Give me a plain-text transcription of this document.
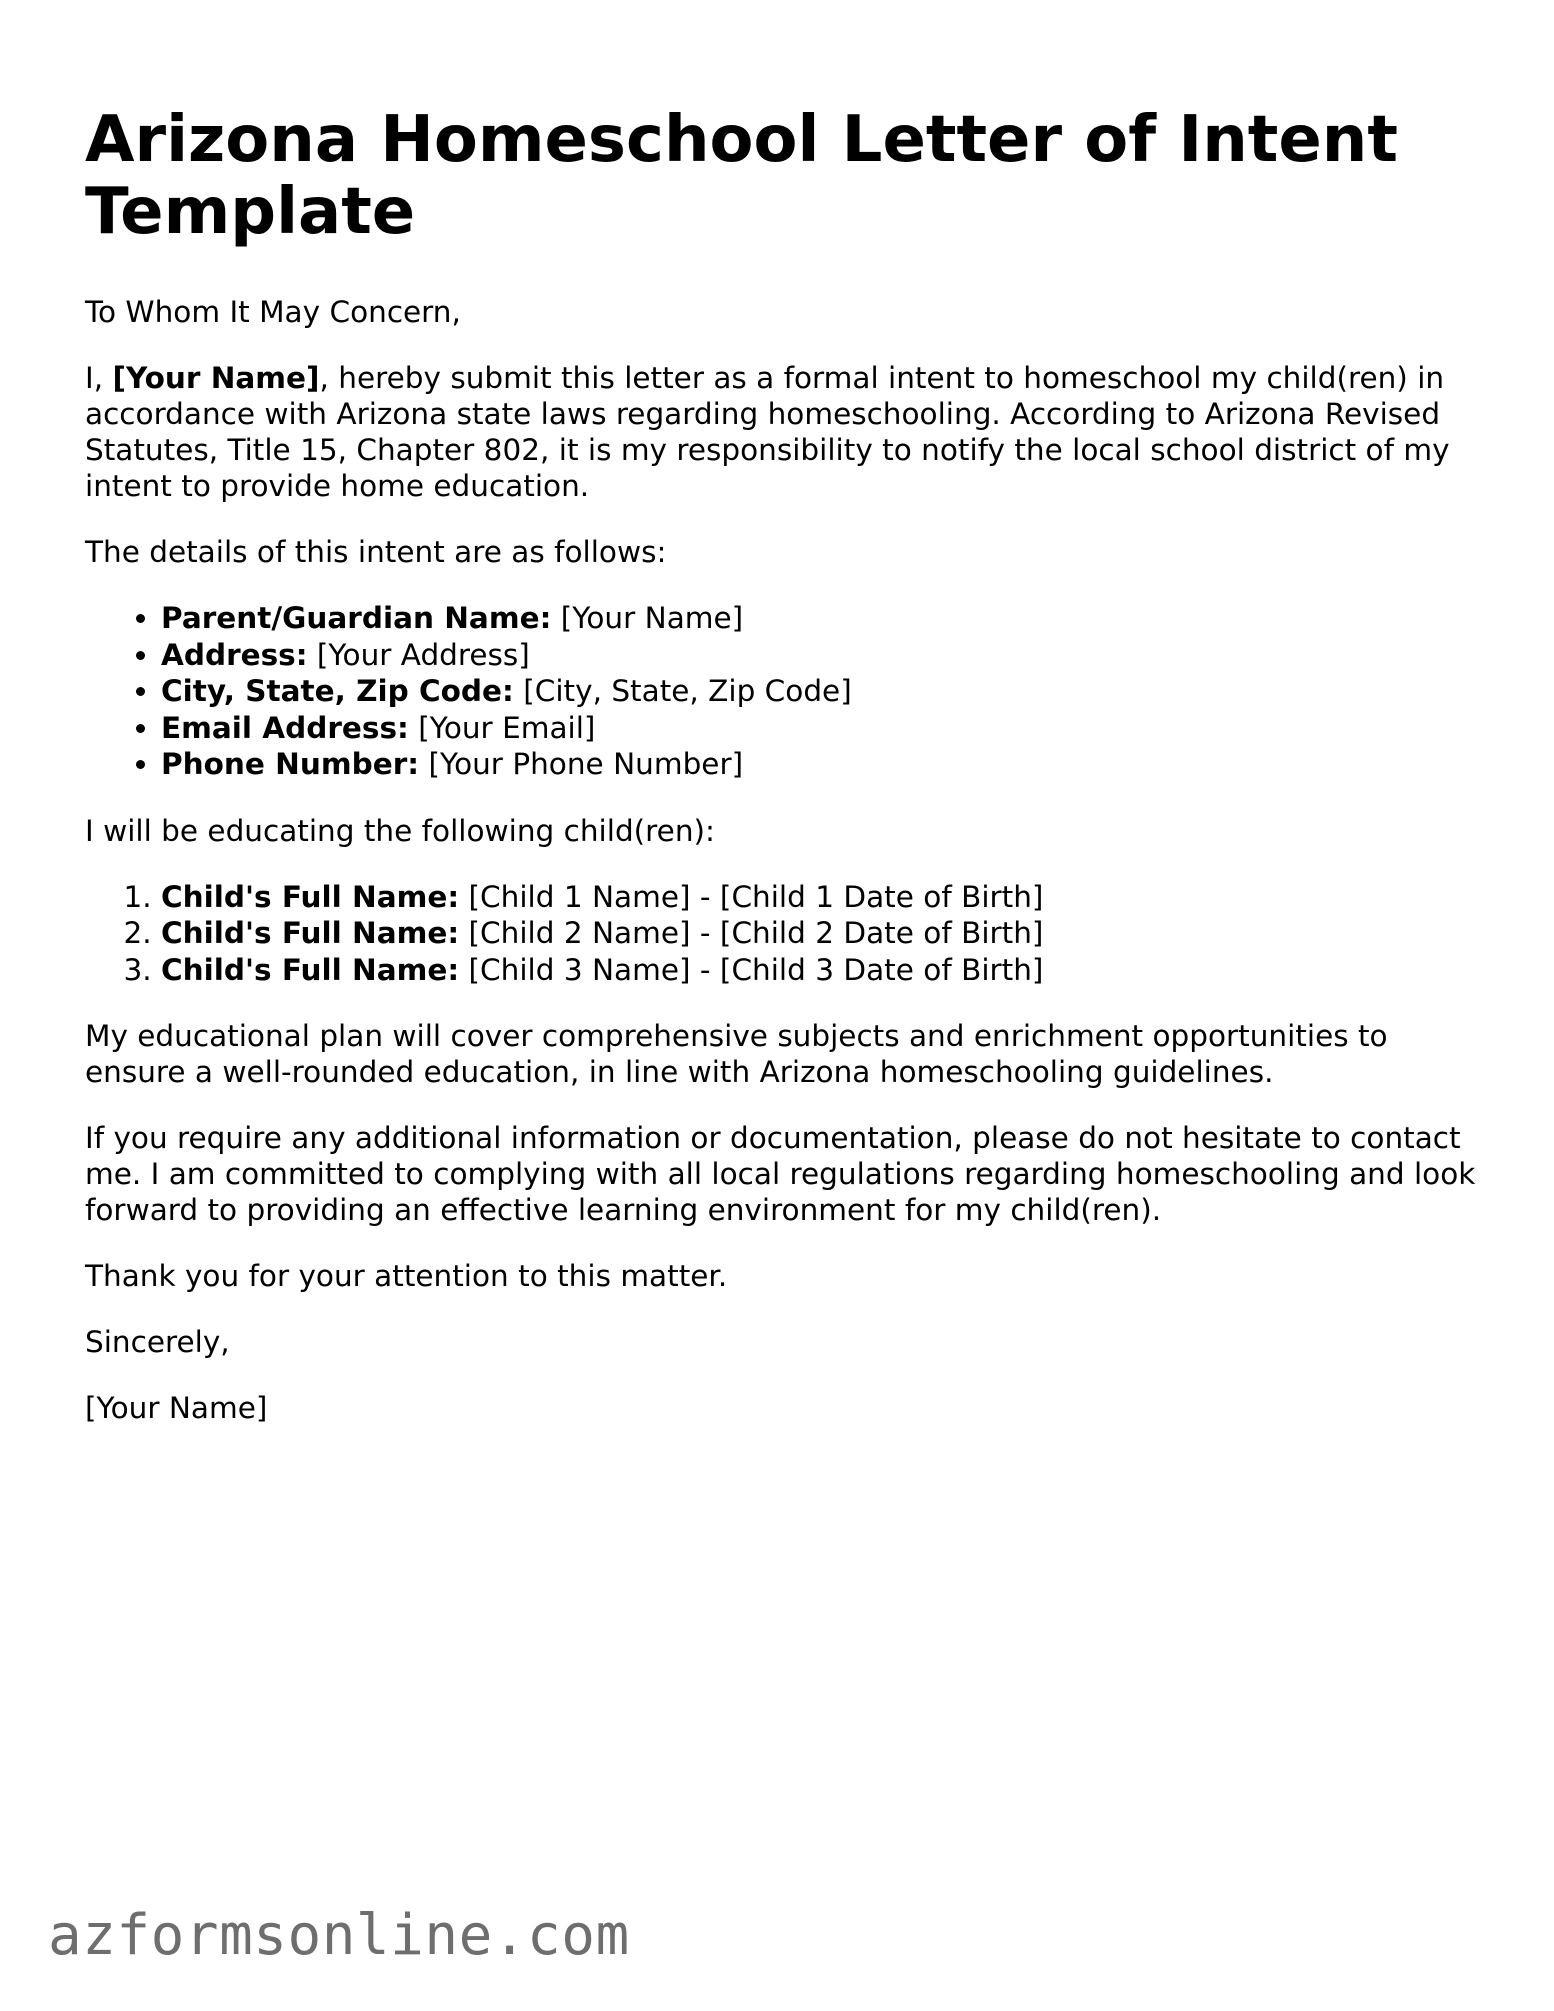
Arizona Homeschool Letter of Intent Template

To Whom It May Concern,

I, [Your Name], hereby submit this letter as a formal intent to homeschool my child(ren) in accordance with Arizona state laws regarding homeschooling. According to Arizona Revised Statutes, Title 15, Chapter 802, it is my responsibility to notify the local school district of my intent to provide home education.

The details of this intent are as follows:

• Parent/Guardian Name: [Your Name]
• Address: [Your Address]
• City, State, Zip Code: [City, State, Zip Code]
• Email Address: [Your Email]
• Phone Number: [Your Phone Number]

I will be educating the following child(ren):

1. Child's Full Name: [Child 1 Name] - [Child 1 Date of Birth]
2. Child's Full Name: [Child 2 Name] - [Child 2 Date of Birth]
3. Child's Full Name: [Child 3 Name] - [Child 3 Date of Birth]

My educational plan will cover comprehensive subjects and enrichment opportunities to ensure a well-rounded education, in line with Arizona homeschooling guidelines.

If you require any additional information or documentation, please do not hesitate to contact me. I am committed to complying with all local regulations regarding homeschooling and look forward to providing an effective learning environment for my child(ren).

Thank you for your attention to this matter.

Sincerely,

[Your Name]

azformsonline.com
